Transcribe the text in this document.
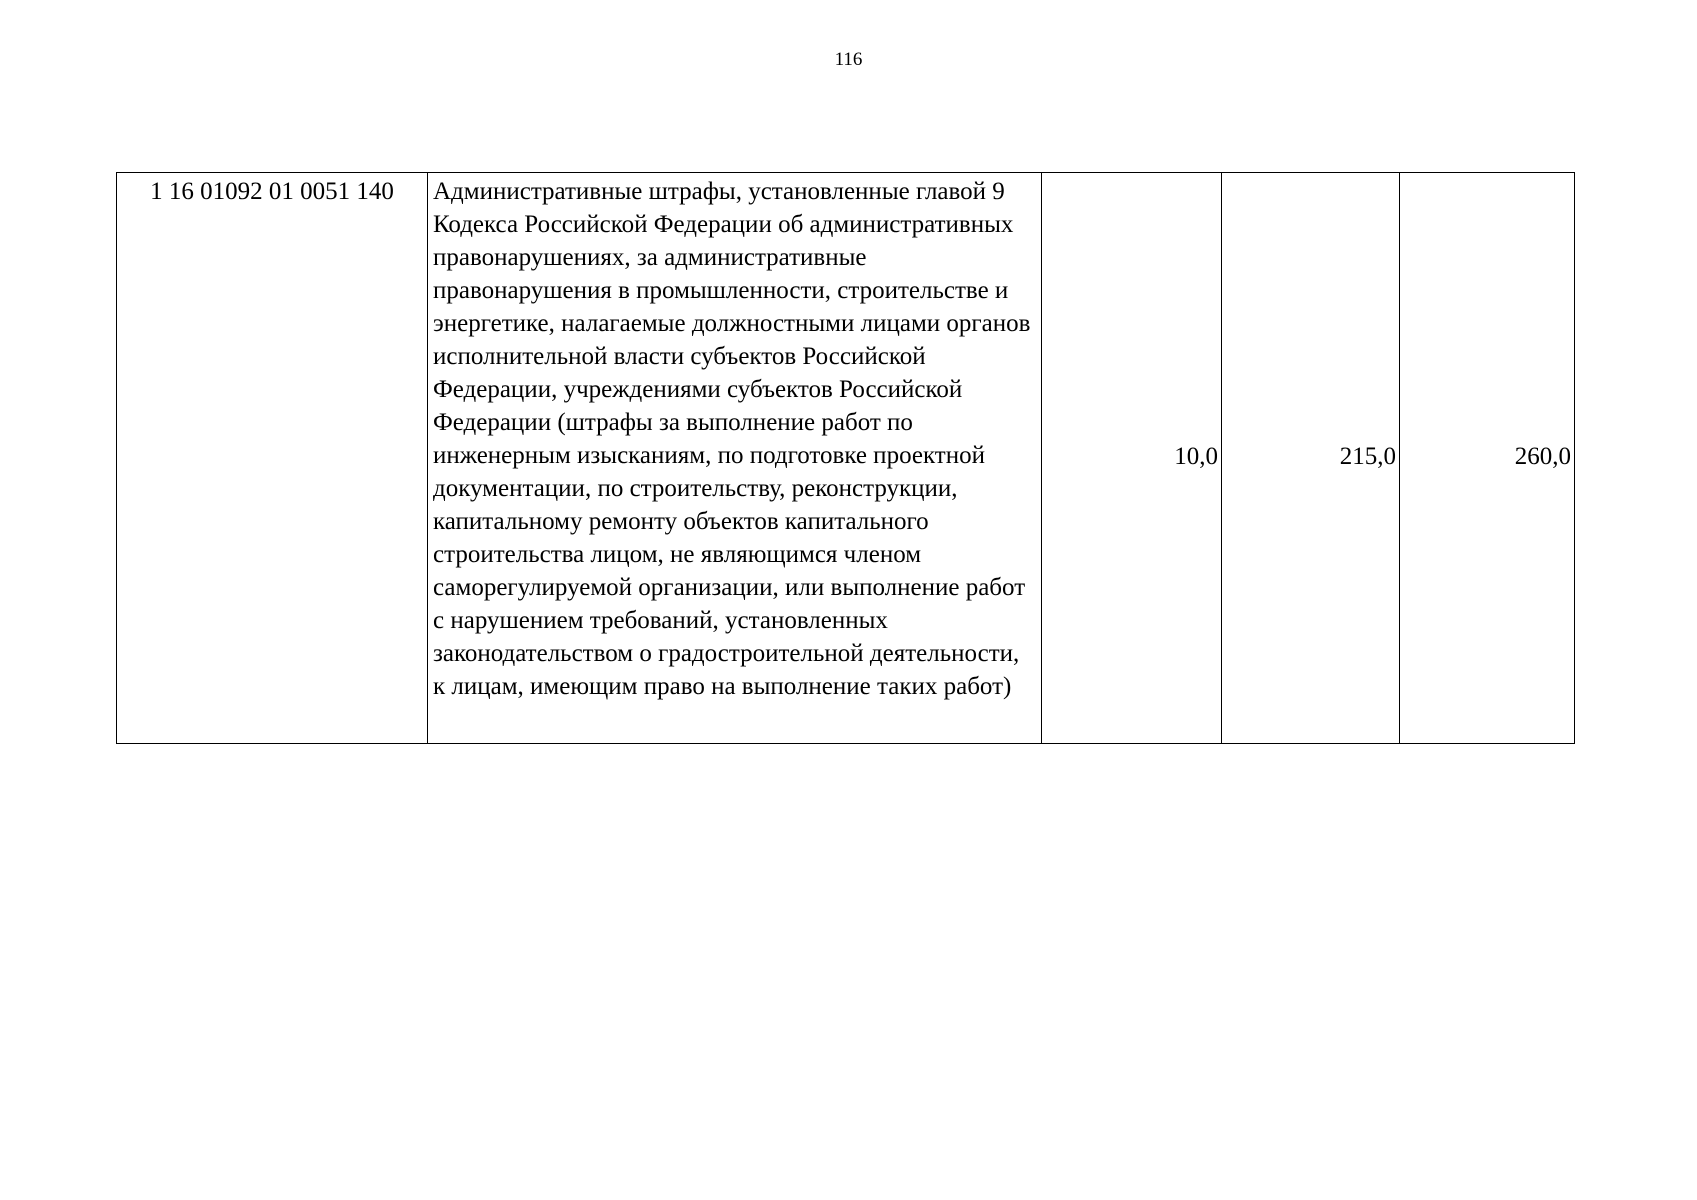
116
1 16 01092 01 0051 140	Административные штрафы, установленные главой 9 Кодекса Российской Федерации об административных правонарушениях, за административные правонарушения в промышленности, строительстве и энергетике, налагаемые должностными лицами органов исполнительной власти субъектов Российской Федерации, учреждениями субъектов Российской Федерации (штрафы за выполнение работ по инженерным изысканиям, по подготовке проектной документации, по строительству, реконструкции, капитальному ремонту объектов капитального строительства лицом, не являющимся членом саморегулируемой организации, или выполнение работ с нарушением требований, установленных законодательством о градостроительной деятельности, к лицам, имеющим право на выполнение таких работ)	10,0	215,0	260,0
